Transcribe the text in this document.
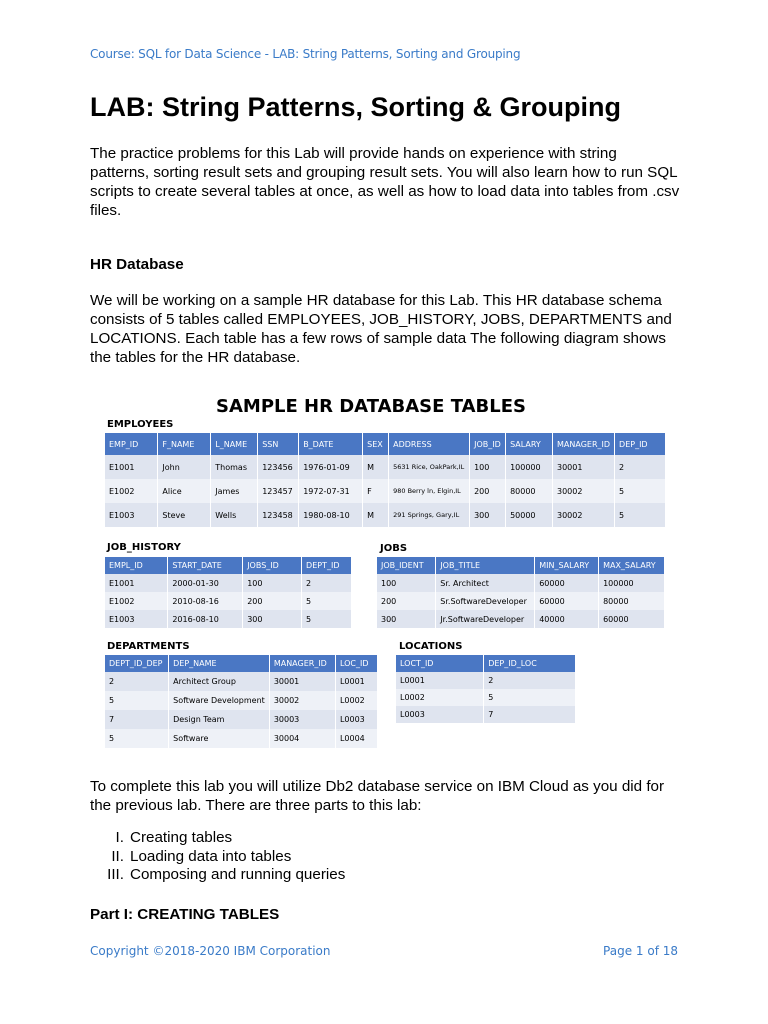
Course: SQL for Data Science - LAB: String Patterns, Sorting and Grouping
LAB: String Patterns, Sorting & Grouping

The practice problems for this Lab will provide hands on experience with string patterns, sorting result sets and grouping result sets. You will also learn how to run SQL scripts to create several tables at once, as well as how to load data into tables from .csv files.

HR Database

We will be working on a sample HR database for this Lab. This HR database schema consists of 5 tables called EMPLOYEES, JOB_HISTORY, JOBS, DEPARTMENTS and LOCATIONS. Each table has a few rows of sample data The following diagram shows the tables for the HR database.

SAMPLE HR DATABASE TABLES
EMPLOYEES
EMP_ID	F_NAME	L_NAME	SSN	B_DATE	SEX	ADDRESS	JOB_ID	SALARY	MANAGER_ID	DEP_ID
E1001	John	Thomas	123456	1976-01-09	M	5631 Rice, OakPark,IL	100	100000	30001	2
E1002	Alice	James	123457	1972-07-31	F	980 Berry ln, Elgin,IL	200	80000	30002	5
E1003	Steve	Wells	123458	1980-08-10	M	291 Springs, Gary,IL	300	50000	30002	5
JOB_HISTORY
EMPL_ID	START_DATE	JOBS_ID	DEPT_ID
E1001	2000-01-30	100	2
E1002	2010-08-16	200	5
E1003	2016-08-10	300	5
JOBS
JOB_IDENT	JOB_TITLE	MIN_SALARY	MAX_SALARY
100	Sr. Architect	60000	100000
200	Sr.SoftwareDeveloper	60000	80000
300	Jr.SoftwareDeveloper	40000	60000
DEPARTMENTS
DEPT_ID_DEP	DEP_NAME	MANAGER_ID	LOC_ID
2	Architect Group	30001	L0001
5	Software Development	30002	L0002
7	Design Team	30003	L0003
5	Software	30004	L0004
LOCATIONS
LOCT_ID	DEP_ID_LOC
L0001	2
L0002	5
L0003	7

To complete this lab you will utilize Db2 database service on IBM Cloud as you did for the previous lab. There are three parts to this lab:

I. Creating tables
II. Loading data into tables
III. Composing and running queries
Part I: CREATING TABLES
Copyright ©2018-2020 IBM Corporation	Page 1 of 18
